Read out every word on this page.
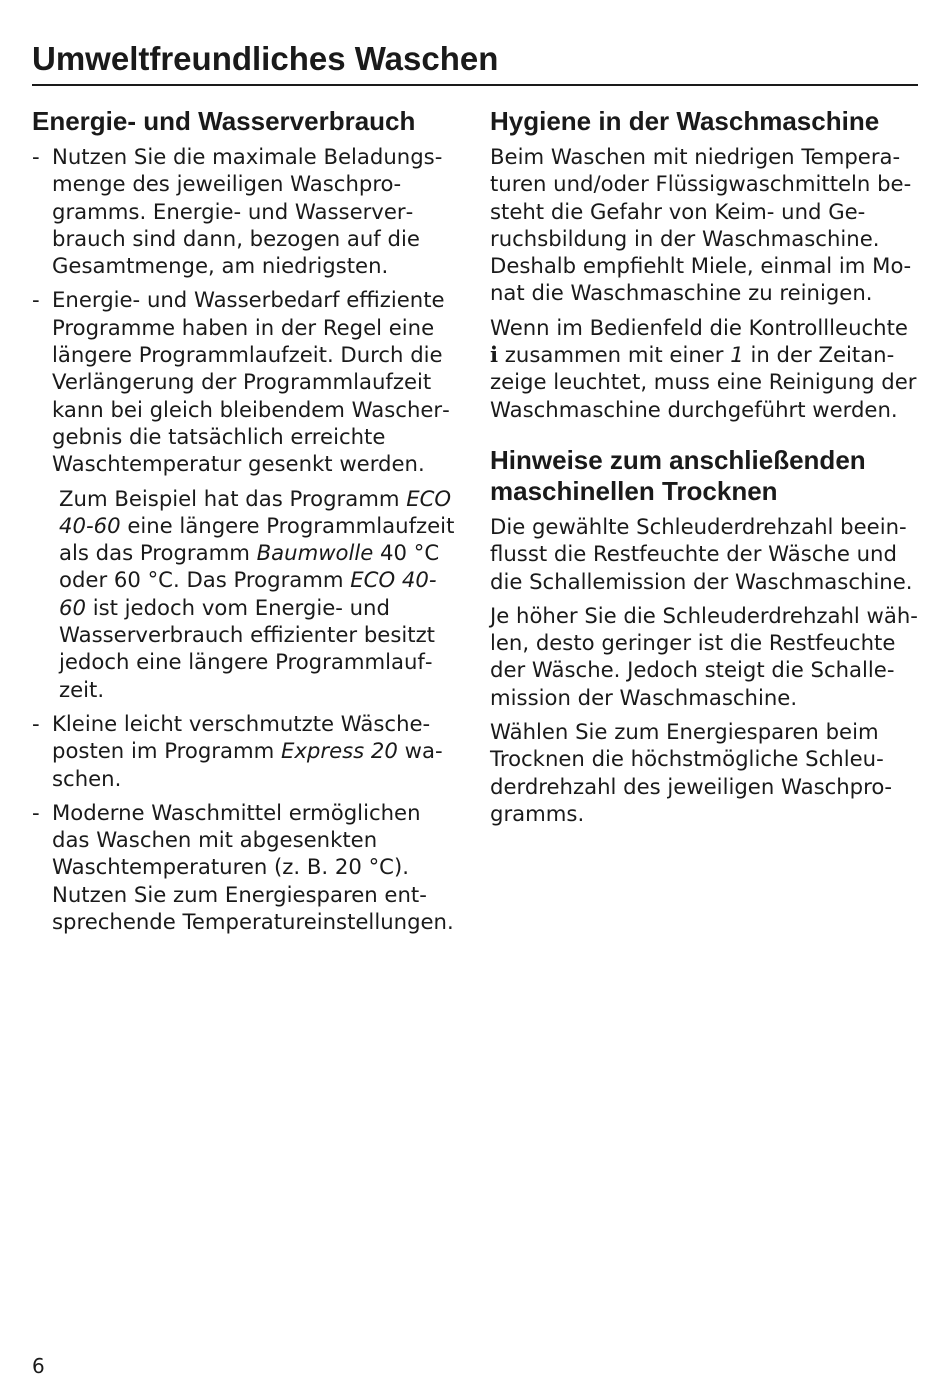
Umweltfreundliches Waschen
Energie- und Wasserverbrauch
- Nutzen Sie die maximale Beladungsmenge des jeweiligen Waschprogramms. Energie- und Wasserverbrauch sind dann, bezogen auf die Gesamtmenge, am niedrigsten.
- Energie- und Wasserbedarf effiziente Programme haben in der Regel eine längere Programmlaufzeit. Durch die Verlängerung der Programmlaufzeit kann bei gleich bleibendem Waschergebnis die tatsächlich erreichte Waschtemperatur gesenkt werden.

Zum Beispiel hat das Programm ECO 40-60 eine längere Programmlaufzeit als das Programm Baumwolle 40 °C oder 60 °C. Das Programm ECO 40-60 ist jedoch vom Energie- und Wasserverbrauch effizienter besitzt jedoch eine längere Programmlaufzeit.

- Kleine leicht verschmutzte Wäscheposten im Programm Express 20 waschen.
- Moderne Waschmittel ermöglichen das Waschen mit abgesenkten Waschtemperaturen (z. B. 20 °C). Nutzen Sie zum Energiesparen entsprechende Temperatureinstellungen.
Hygiene in der Waschmaschine

Beim Waschen mit niedrigen Temperaturen und/oder Flüssigwaschmitteln besteht die Gefahr von Keim- und Geruchsbildung in der Waschmaschine. Deshalb empfiehlt Miele, einmal im Monat die Waschmaschine zu reinigen.

Wenn im Bedienfeld die Kontrollleuchte i zusammen mit einer 1 in der Zeitanzeige leuchtet, muss eine Reinigung der Waschmaschine durchgeführt werden.

Hinweise zum anschließenden maschinellen Trocknen

Die gewählte Schleuderdrehzahl beeinflusst die Restfeuchte der Wäsche und die Schallemission der Waschmaschine.

Je höher Sie die Schleuderdrehzahl wählen, desto geringer ist die Restfeuchte der Wäsche. Jedoch steigt die Schallemission der Waschmaschine.

Wählen Sie zum Energiesparen beim Trocknen die höchstmögliche Schleuderdrehzahl des jeweiligen Waschprogramms.

6
